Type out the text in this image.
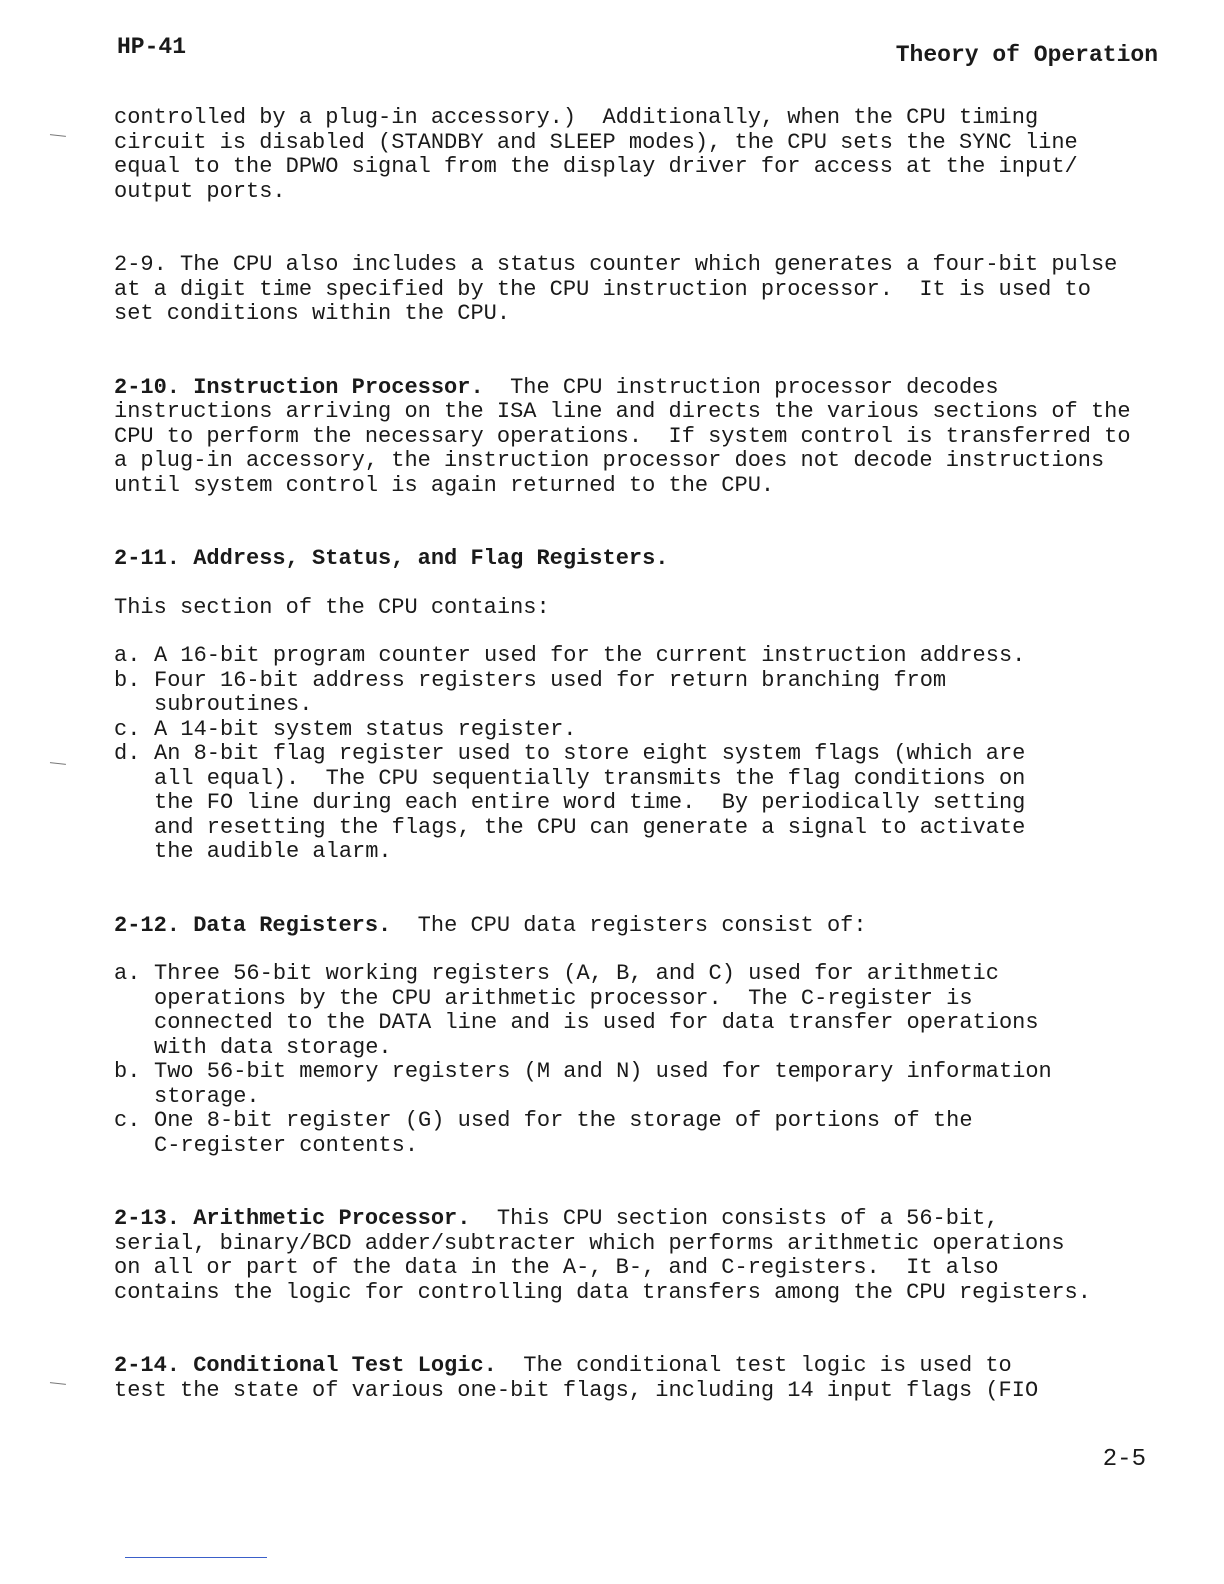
HP-41	Theory of Operation

controlled by a plug-in accessory.)  Additionally, when the CPU timing
circuit is disabled (STANDBY and SLEEP modes), the CPU sets the SYNC line
equal to the DPWO signal from the display driver for access at the input/
output ports.

2-9. The CPU also includes a status counter which generates a four-bit pulse
at a digit time specified by the CPU instruction processor.  It is used to
set conditions within the CPU.

2-10. Instruction Processor. The CPU instruction processor decodes
instructions arriving on the ISA line and directs the various sections of the
CPU to perform the necessary operations.  If system control is transferred to
a plug-in accessory, the instruction processor does not decode instructions
until system control is again returned to the CPU.

2-11. Address, Status, and Flag Registers.

This section of the CPU contains:

a. A 16-bit program counter used for the current instruction address.
b. Four 16-bit address registers used for return branching from
subroutines.
c. A 14-bit system status register.
d. An 8-bit flag register used to store eight system flags (which are
all equal).  The CPU sequentially transmits the flag conditions on
the FO line during each entire word time.  By periodically setting
and resetting the flags, the CPU can generate a signal to activate
the audible alarm.

2-12. Data Registers. The CPU data registers consist of:

a. Three 56-bit working registers (A, B, and C) used for arithmetic
operations by the CPU arithmetic processor.  The C-register is
connected to the DATA line and is used for data transfer operations
with data storage.
b. Two 56-bit memory registers (M and N) used for temporary information
storage.
c. One 8-bit register (G) used for the storage of portions of the
C-register contents.

2-13. Arithmetic Processor. This CPU section consists of a 56-bit,
serial, binary/BCD adder/subtracter which performs arithmetic operations
on all or part of the data in the A-, B-, and C-registers.  It also
contains the logic for controlling data transfers among the CPU registers.

2-14. Conditional Test Logic. The conditional test logic is used to
test the state of various one-bit flags, including 14 input flags (FIO

2-5
